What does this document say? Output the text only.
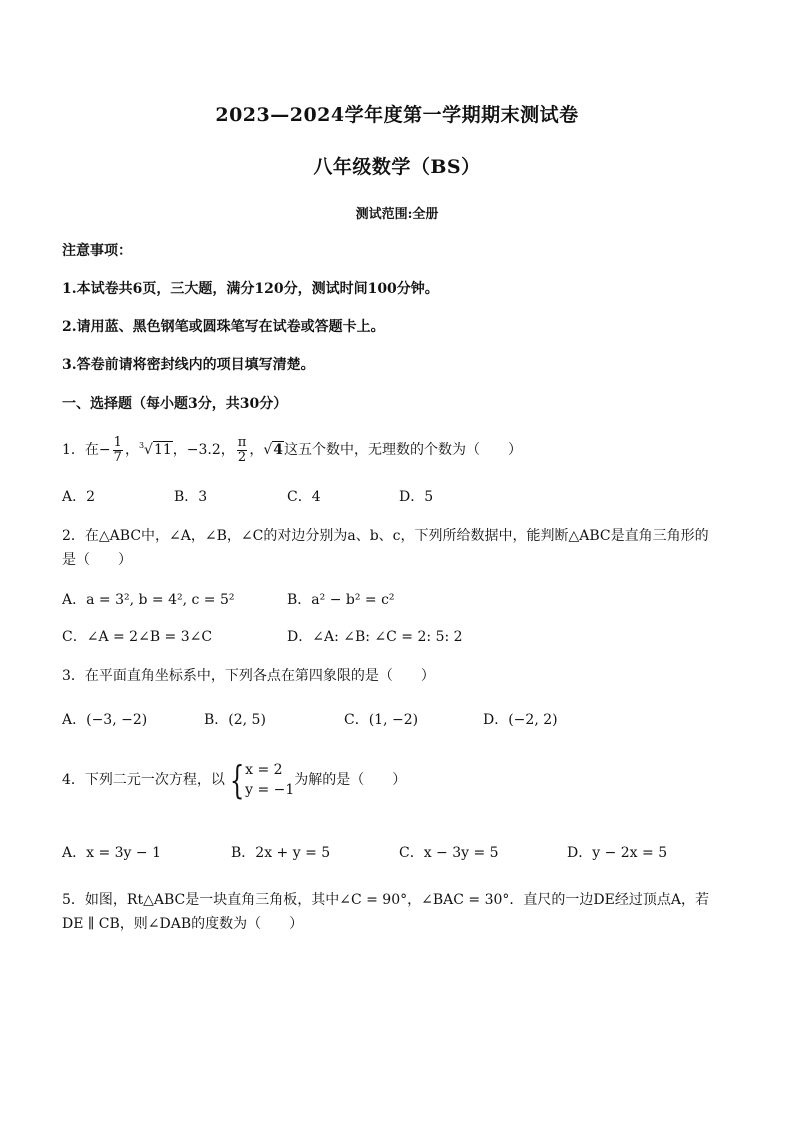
2023—2024学年度第一学期期末测试卷
八年级数学（BS）
测试范围:全册
注意事项：
1.本试卷共6页，三大题，满分120分，测试时间100分钟。
2.请用蓝、黑色钢笔或圆珠笔写在试卷或答题卡上。
3.答卷前请将密封线内的项目填写清楚。
一、选择题（每小题3分，共30分）
1．在− $\frac{1}{7}$ ，$^3$√11，−3.2， $\frac{\pi}{2}$ ，√4这五个数中，无理数的个数为（　　）
A．2	B．3	C．4	D．5
2．在△ABC中，∠A，∠B，∠C的对边分别为a、b、c，下列所给数据中，能判断△ABC是直角三角形的
是（　　）
A．a = 3², b = 4², c = 5²	B．a² − b² = c²
C．∠A = 2∠B = 3∠C	D．∠A: ∠B: ∠C = 2: 5: 2
3．在平面直角坐标系中，下列各点在第四象限的是（　　）
A．(−3, −2)	B．(2, 5)	C．(1, −2)	D．(−2, 2)
4．下列二元一次方程，以 { x = 2
y = −1
为解的是（　　）
A．x = 3y − 1	B．2x + y = 5	C．x − 3y = 5	D．y − 2x = 5
5．如图，Rt△ABC是一块直角三角板，其中∠C = 90°，∠BAC = 30°．直尺的一边DE经过顶点A，若
DE ∥ CB，则∠DAB的度数为（　　）
